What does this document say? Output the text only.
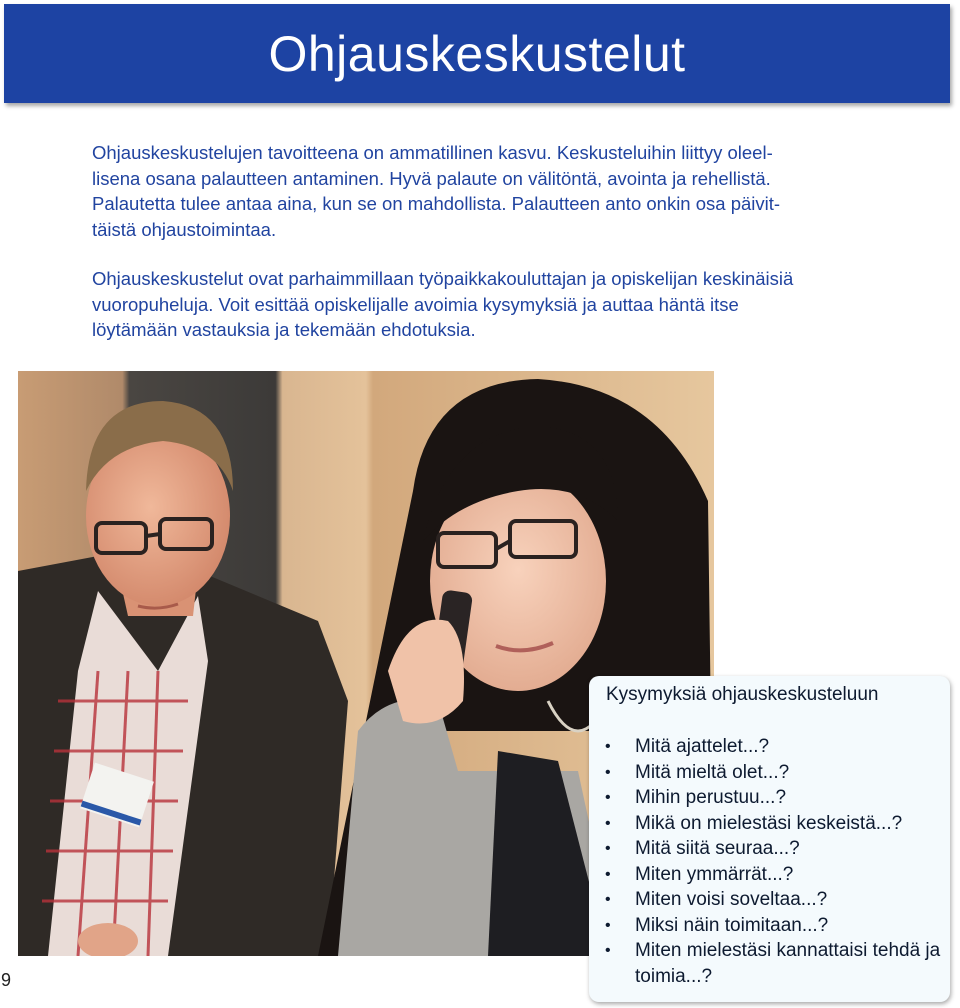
Ohjauskeskustelut

Ohjauskeskustelujen tavoitteena on ammatillinen kasvu. Keskusteluihin liittyy oleel-
lisena osana palautteen antaminen. Hyvä palaute on välitöntä, avointa ja rehellistä.
Palautetta tulee antaa aina, kun se on mahdollista. Palautteen anto onkin osa päivit-
täistä ohjaustoimintaa.

Ohjauskeskustelut ovat parhaimmillaan työpaikkakouluttajan ja opiskelijan keskinäisiä
vuoropuheluja. Voit esittää opiskelijalle avoimia kysymyksiä ja auttaa häntä itse
löytämään vastauksia ja tekemään ehdotuksia.

Kysymyksiä ohjauskeskusteluun
• Mitä ajattelet...?
• Mitä mieltä olet...?
• Mihin perustuu...?
• Mikä on mielestäsi keskeistä...?
• Mitä siitä seuraa...?
• Miten ymmärrät...?
• Miten voisi soveltaa...?
• Miksi näin toimitaan...?
• Miten mielestäsi kannattaisi tehdä ja toimia...?
9
